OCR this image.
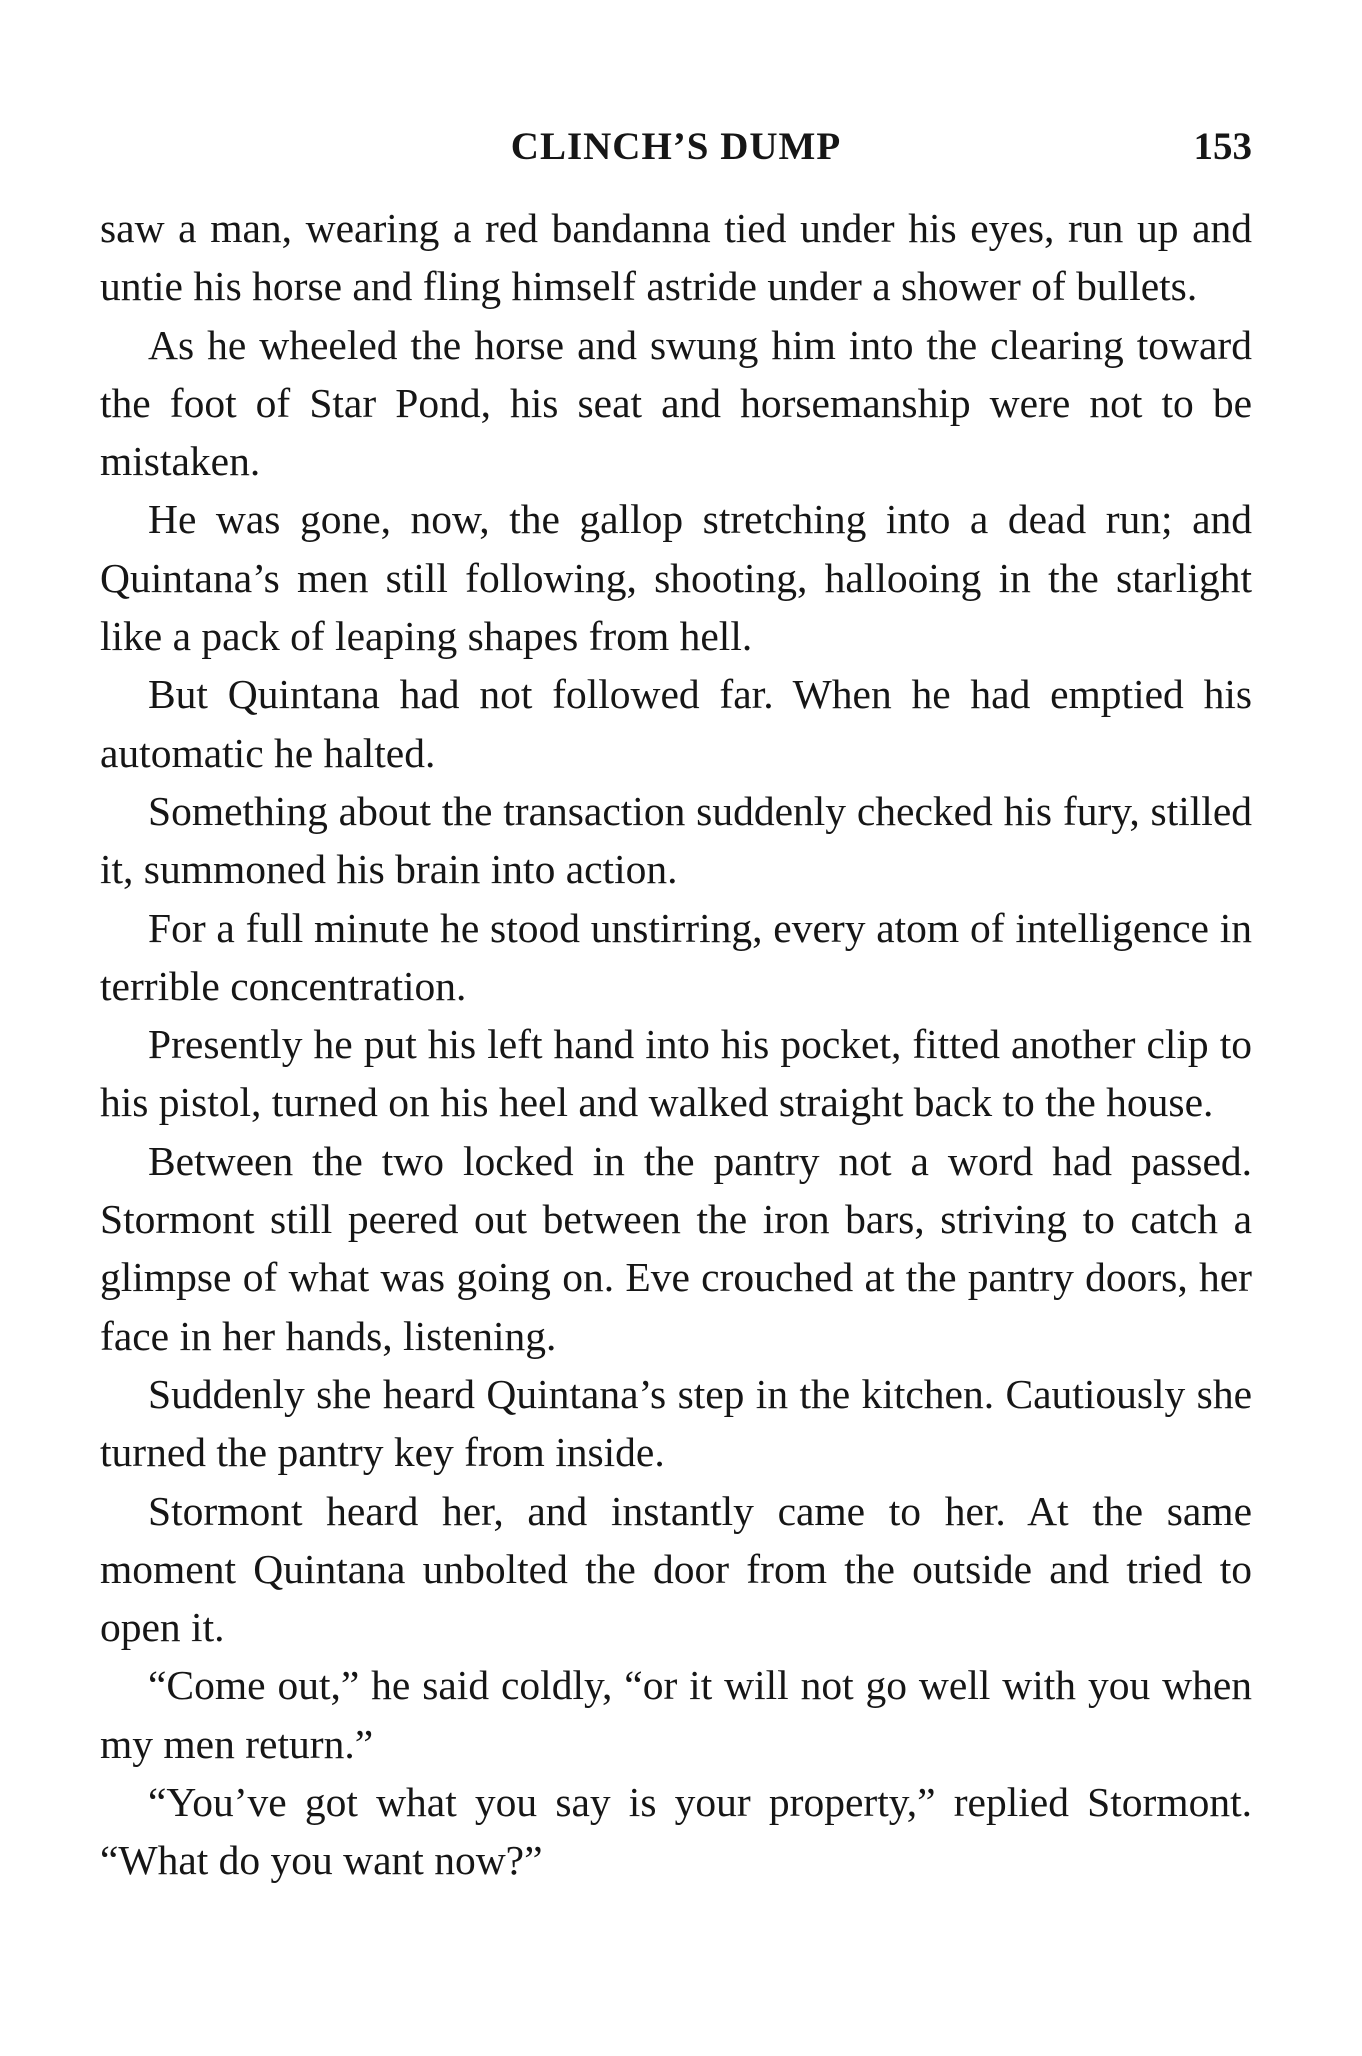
CLINCH’S DUMP	153

saw a man, wearing a red bandanna tied under his eyes, run up and untie his horse and fling himself astride under a shower of bullets.

As he wheeled the horse and swung him into the clearing toward the foot of Star Pond, his seat and horsemanship were not to be mistaken.

He was gone, now, the gallop stretching into a dead run; and Quintana’s men still following, shooting, hallooing in the starlight like a pack of leaping shapes from hell.

But Quintana had not followed far. When he had emptied his automatic he halted.

Something about the transaction suddenly checked his fury, stilled it, summoned his brain into action.

For a full minute he stood unstirring, every atom of intelligence in terrible concentration.

Presently he put his left hand into his pocket, fitted another clip to his pistol, turned on his heel and walked straight back to the house.

Between the two locked in the pantry not a word had passed. Stormont still peered out between the iron bars, striving to catch a glimpse of what was going on. Eve crouched at the pantry doors, her face in her hands, listening.

Suddenly she heard Quintana’s step in the kitchen. Cautiously she turned the pantry key from inside.

Stormont heard her, and instantly came to her. At the same moment Quintana unbolted the door from the outside and tried to open it.

“Come out,” he said coldly, “or it will not go well with you when my men return.”

“You’ve got what you say is your property,” replied Stormont. “What do you want now?”
